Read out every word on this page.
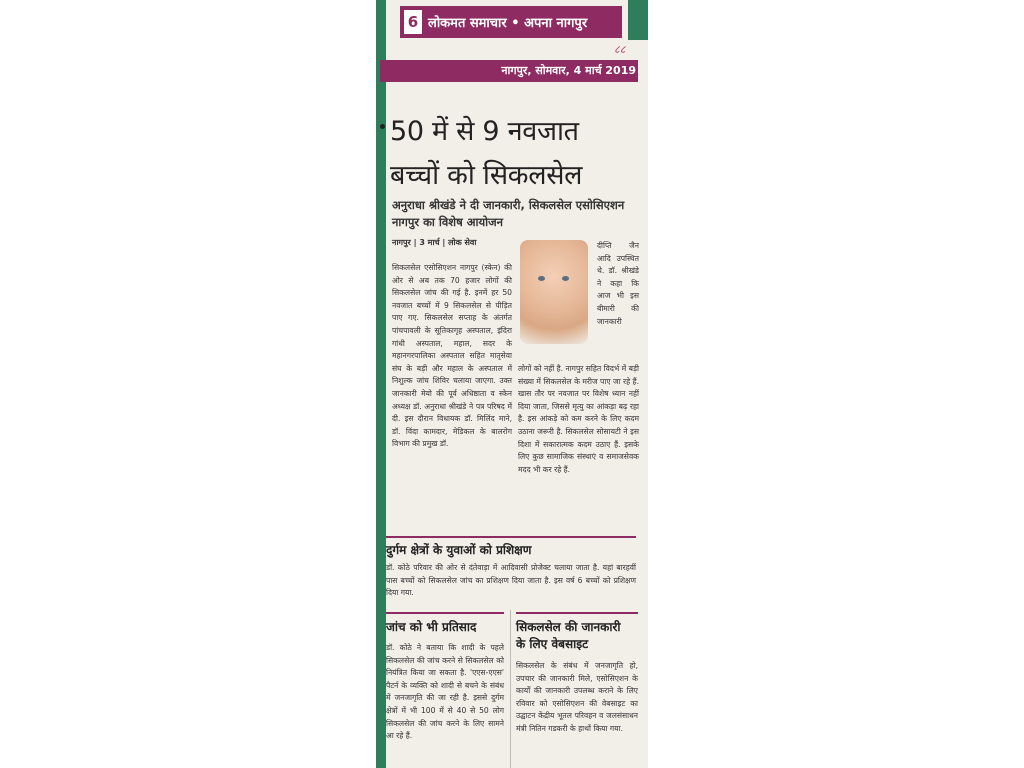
6 लोकमत समाचार • अपना नागपुर
८८
नागपुर, सोमवार, 4 मार्च 2019
50 में से 9 नवजात
बच्चों को सिकलसेल
अनुराधा श्रीखंडे ने दी जानकारी, सिकलसेल एसोसिएशन नागपुर का विशेष आयोजन
नागपुर | 3 मार्च | लोक सेवा
सिकलसेल एसोसिएशन नागपुर (स्केन) की ओर से अब तक 70 हजार लोगों की सिकलसेल जांच की गई है. इनमें हर 50 नवजात बच्चों में 9 सिकलसेल से पीड़ित पाए गए. सिकलसेल सप्ताह के अंतर्गत पांचपावली के सूतिकागृह अस्पताल, इंदिरा गांधी अस्पताल, महाल, सदर के महानगरपालिका अस्पताल सहित मातृसेवा संघ के बड़ी और महाल के अस्पताल में निशुल्क जांच शिविर चलाया जाएगा. उक्त जानकारी मेयो की पूर्व अधिष्ठाता व स्केन अध्यक्ष डॉ. अनुराधा श्रीखंडे ने पत्र परिषद में दी. इस दौरान विधायक डॉ. मिलिंद माने, डॉ. विंदा कामदार, मेडिकल के बालरोग विभाग की प्रमुख डॉ.
दीप्ति जैन आदि उपस्थित थे. डॉ. श्रीखंडे ने कहा कि आज भी इस बीमारी की जानकारी
लोगों को नहीं है. नागपुर सहित विदर्भ में बड़ी संख्या में सिकलसेल के मरीज पाए जा रहे हैं. खास तौर पर नवजात पर विशेष ध्यान नहीं दिया जाता, जिससे मृत्यु का आंकड़ा बढ़ रहा है. इस आंकड़े को कम करने के लिए कदम उठाना जरूरी है. सिकलसेल सोसायटी ने इस दिशा में सकारात्मक कदम उठाए हैं. इसके लिए कुछ सामाजिक संस्थाएं व समाजसेवक मदद भी कर रहे हैं.
दुर्गम क्षेत्रों के युवाओं को प्रशिक्षण
डॉ. कोठे परिवार की ओर से दंतेवाड़ा में आदिवासी प्रोजेक्ट चलाया जाता है. यहां बारहवीं पास बच्चों को सिकलसेल जांच का प्रशिक्षण दिया जाता है. इस वर्ष 6 बच्चों को प्रशिक्षण दिया गया.
जांच को भी प्रतिसाद
डॉ. कोठे ने बताया कि शादी के पहले सिकलसेल की जांच करने से सिकलसेल को नियंत्रित किया जा सकता है. 'एएस-एएस' पैटर्न के व्यक्ति को शादी से बचने के संबंध में जनजागृति की जा रही है. इससे दुर्गम क्षेत्रों में भी 100 में से 40 से 50 लोग सिकलसेल की जांच करने के लिए सामने आ रहे हैं.
सिकलसेल की जानकारी
के लिए वेबसाइट
सिकलसेल के संबंध में जनजागृति हो, उपचार की जानकारी मिले, एसोसिएशन के कार्यों की जानकारी उपलब्ध कराने के लिए रविवार को एसोसिएशन की वेबसाइट का उद्घाटन केंद्रीय भूतल परिवहन व जलसंसाधन मंत्री नितिन गडकरी के हाथों किया गया.
